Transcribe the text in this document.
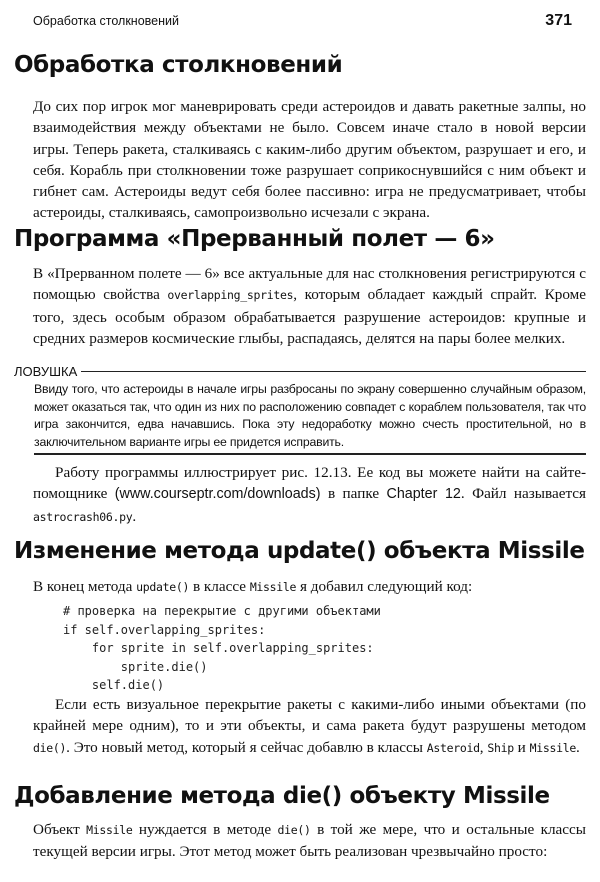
Обработка столкновений	371
Обработка столкновений
До сих пор игрок мог маневрировать среди астероидов и давать ракетные залпы, но взаимодействия между объектами не было. Совсем иначе стало в новой версии игры. Теперь ракета, сталкиваясь с каким-либо другим объектом, разрушает и его, и себя. Корабль при столкновении тоже разрушает соприкоснувшийся с ним объект и гибнет сам. Астероиды ведут себя более пассивно: игра не предусматривает, чтобы астероиды, сталкиваясь, самопроизвольно исчезали с экрана.
Программа «Прерванный полет — 6»
В «Прерванном полете — 6» все актуальные для нас столкновения регистрируются с помощью свойства overlapping_sprites, которым обладает каждый спрайт. Кроме того, здесь особым образом обрабатывается разрушение астероидов: крупные и средних размеров космические глыбы, распадаясь, делятся на пары более мелких.
ЛОВУШКА
Ввиду того, что астероиды в начале игры разбросаны по экрану совершенно случайным образом, может оказаться так, что один из них по расположению совпадет с кораблем пользователя, так что игра закончится, едва начавшись. Пока эту недоработку можно счесть простительной, но в заключительном варианте игры ее придется исправить.
Работу программы иллюстрирует рис. 12.13. Ее код вы можете найти на сайте-помощнике (www.courseptr.com/downloads) в папке Chapter 12. Файл называется astrocrash06.py.
Изменение метода update() объекта Missile
В конец метода update() в классе Missile я добавил следующий код:
# проверка на перекрытие с другими объектами
if self.overlapping_sprites:
for sprite in self.overlapping_sprites:
sprite.die()
self.die()
Если есть визуальное перекрытие ракеты с какими-либо иными объектами (по крайней мере одним), то и эти объекты, и сама ракета будут разрушены методом die(). Это новый метод, который я сейчас добавлю в классы Asteroid, Ship и Missile.
Добавление метода die() объекту Missile
Объект Missile нуждается в методе die() в той же мере, что и остальные классы текущей версии игры. Этот метод может быть реализован чрезвычайно просто:
